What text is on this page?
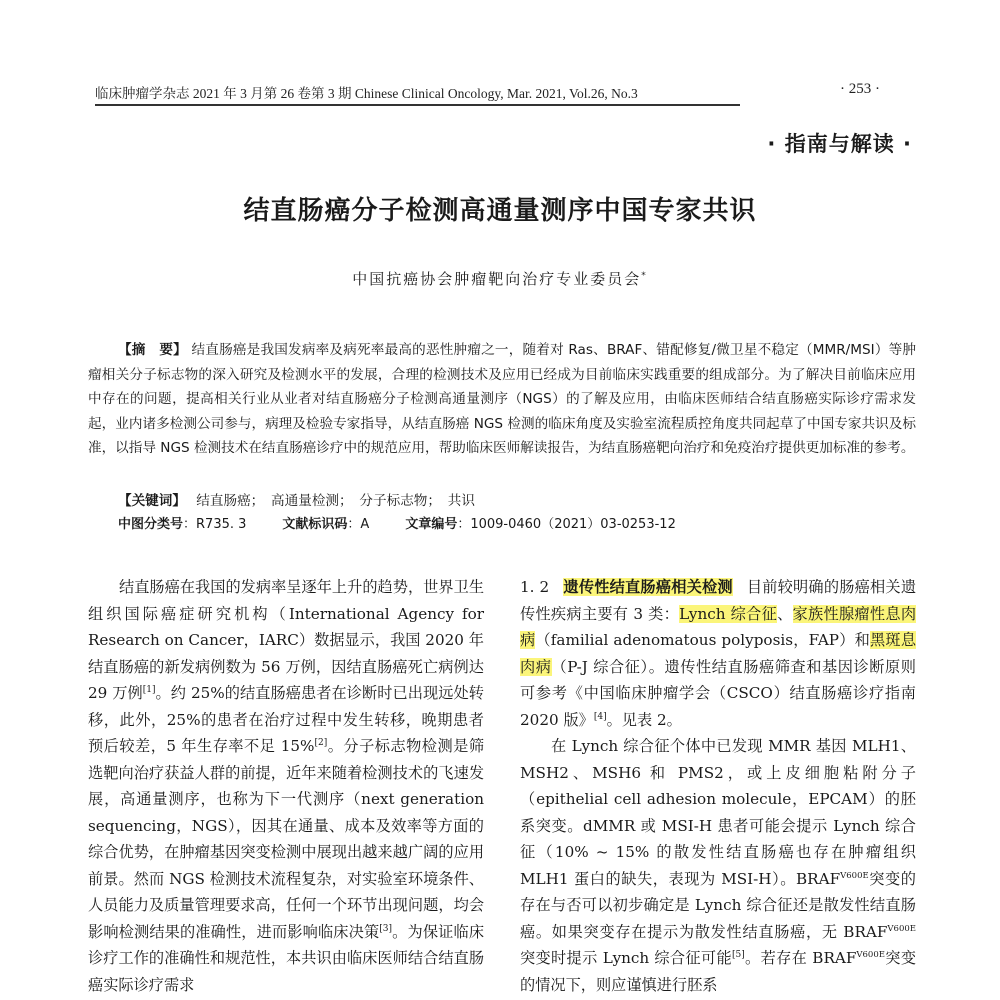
临床肿瘤学杂志 2021 年 3 月第 26 卷第 3 期 Chinese Clinical Oncology, Mar. 2021, Vol.26, No.3	· 253 ·
· 指南与解读 ·
结直肠癌分子检测高通量测序中国专家共识
中国抗癌协会肿瘤靶向治疗专业委员会*
【摘　要】 结直肠癌是我国发病率及病死率最高的恶性肿瘤之一，随着对 Ras、BRAF、错配修复/微卫星不稳定（MMR/MSI）等肿瘤相关分子标志物的深入研究及检测水平的发展，合理的检测技术及应用已经成为目前临床实践重要的组成部分。为了解决目前临床应用中存在的问题，提高相关行业从业者对结直肠癌分子检测高通量测序（NGS）的了解及应用，由临床医师结合结直肠癌实际诊疗需求发起，业内诸多检测公司参与，病理及检验专家指导，从结直肠癌 NGS 检测的临床角度及实验室流程质控角度共同起草了中国专家共识及标准，以指导 NGS 检测技术在结直肠癌诊疗中的规范应用，帮助临床医师解读报告，为结直肠癌靶向治疗和免疫治疗提供更加标准的参考。
【关键词】 结直肠癌；　高通量检测；　分子标志物；　共识
中图分类号：R735. 3	文献标识码：A	文章编号：1009-0460（2021）03-0253-12

结直肠癌在我国的发病率呈逐年上升的趋势，世界卫生组织国际癌症研究机构（International Agency for Research on Cancer，IARC）数据显示，我国 2020 年结直肠癌的新发病例数为 56 万例，因结直肠癌死亡病例达 29 万例[1]。约 25%的结直肠癌患者在诊断时已出现远处转移，此外，25%的患者在治疗过程中发生转移，晚期患者预后较差，5 年生存率不足 15%[2]。分子标志物检测是筛选靶向治疗获益人群的前提，近年来随着检测技术的飞速发展，高通量测序，也称为下一代测序（next generation sequencing，NGS），因其在通量、成本及效率等方面的综合优势，在肿瘤基因突变检测中展现出越来越广阔的应用前景。然而 NGS 检测技术流程复杂，对实验室环境条件、人员能力及质量管理要求高，任何一个环节出现问题，均会影响检测结果的准确性，进而影响临床决策[3]。为保证临床诊疗工作的准确性和规范性，本共识由临床医师结合结直肠癌实际诊疗需求

1. 2 遗传性结直肠癌相关检测 目前较明确的肠癌相关遗传性疾病主要有 3 类：Lynch 综合征、家族性腺瘤性息肉病（familial adenomatous polyposis，FAP）和黑斑息肉病（P-J 综合征）。遗传性结直肠癌筛查和基因诊断原则可参考《中国临床肿瘤学会（CSCO）结直肠癌诊疗指南 2020 版》[4]。见表 2。

在 Lynch 综合征个体中已发现 MMR 基因 MLH1、MSH2、MSH6 和 PMS2，或上皮细胞粘附分子（epithelial cell adhesion molecule，EPCAM）的胚系突变。dMMR 或 MSI-H 患者可能会提示 Lynch 综合征（10% ~ 15% 的散发性结直肠癌也存在肿瘤组织 MLH1 蛋白的缺失，表现为 MSI-H）。$BRAF^{V600E}$突变的存在与否可以初步确定是 Lynch 综合征还是散发性结直肠癌。如果突变存在提示为散发性结直肠癌，无 $BRAF^{V600E}$突变时提示 Lynch 综合征可能[5]。若存在 $BRAF^{V600E}$突变的情况下，则应谨慎进行胚系
